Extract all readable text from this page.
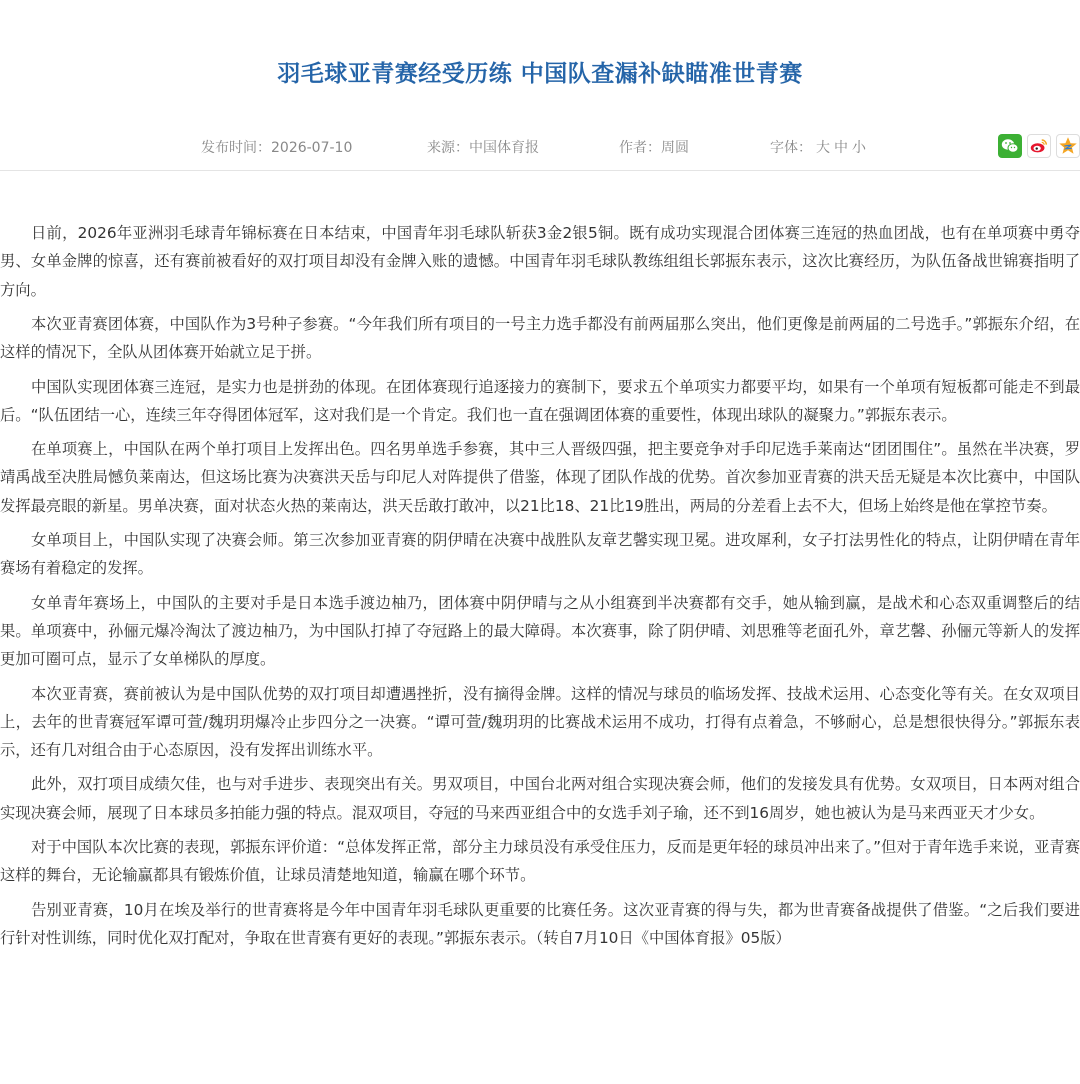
羽毛球亚青赛经受历练 中国队查漏补缺瞄准世青赛
发布时间：2026-07-10	来源：中国体育报	作者：周圆	字体： 大 中 小

日前，2026年亚洲羽毛球青年锦标赛在日本结束，中国青年羽毛球队斩获3金2银5铜。既有成功实现混合团体赛三连冠的热血团战，也有在单项赛中勇夺男、女单金牌的惊喜，还有赛前被看好的双打项目却没有金牌入账的遗憾。中国青年羽毛球队教练组组长郭振东表示，这次比赛经历，为队伍备战世锦赛指明了方向。

本次亚青赛团体赛，中国队作为3号种子参赛。“今年我们所有项目的一号主力选手都没有前两届那么突出，他们更像是前两届的二号选手。”郭振东介绍，在这样的情况下，全队从团体赛开始就立足于拼。

中国队实现团体赛三连冠，是实力也是拼劲的体现。在团体赛现行追逐接力的赛制下，要求五个单项实力都要平均，如果有一个单项有短板都可能走不到最后。“队伍团结一心，连续三年夺得团体冠军，这对我们是一个肯定。我们也一直在强调团体赛的重要性，体现出球队的凝聚力。”郭振东表示。

在单项赛上，中国队在两个单打项目上发挥出色。四名男单选手参赛，其中三人晋级四强，把主要竞争对手印尼选手莱南达“团团围住”。虽然在半决赛，罗靖禹战至决胜局憾负莱南达，但这场比赛为决赛洪天岳与印尼人对阵提供了借鉴，体现了团队作战的优势。首次参加亚青赛的洪天岳无疑是本次比赛中，中国队发挥最亮眼的新星。男单决赛，面对状态火热的莱南达，洪天岳敢打敢冲，以21比18、21比19胜出，两局的分差看上去不大，但场上始终是他在掌控节奏。

女单项目上，中国队实现了决赛会师。第三次参加亚青赛的阴伊晴在决赛中战胜队友章艺馨实现卫冕。进攻犀利，女子打法男性化的特点，让阴伊晴在青年赛场有着稳定的发挥。

女单青年赛场上，中国队的主要对手是日本选手渡边柚乃，团体赛中阴伊晴与之从小组赛到半决赛都有交手，她从输到赢，是战术和心态双重调整后的结果。单项赛中，孙俪元爆冷淘汰了渡边柚乃，为中国队打掉了夺冠路上的最大障碍。本次赛事，除了阴伊晴、刘思雅等老面孔外，章艺馨、孙俪元等新人的发挥更加可圈可点，显示了女单梯队的厚度。

本次亚青赛，赛前被认为是中国队优势的双打项目却遭遇挫折，没有摘得金牌。这样的情况与球员的临场发挥、技战术运用、心态变化等有关。在女双项目上，去年的世青赛冠军谭可萱/魏玥玥爆冷止步四分之一决赛。“谭可萱/魏玥玥的比赛战术运用不成功，打得有点着急，不够耐心，总是想很快得分。”郭振东表示，还有几对组合由于心态原因，没有发挥出训练水平。

此外，双打项目成绩欠佳，也与对手进步、表现突出有关。男双项目，中国台北两对组合实现决赛会师，他们的发接发具有优势。女双项目，日本两对组合实现决赛会师，展现了日本球员多拍能力强的特点。混双项目，夺冠的马来西亚组合中的女选手刘子瑜，还不到16周岁，她也被认为是马来西亚天才少女。

对于中国队本次比赛的表现，郭振东评价道：“总体发挥正常，部分主力球员没有承受住压力，反而是更年轻的球员冲出来了。”但对于青年选手来说，亚青赛这样的舞台，无论输赢都具有锻炼价值，让球员清楚地知道，输赢在哪个环节。

告别亚青赛，10月在埃及举行的世青赛将是今年中国青年羽毛球队更重要的比赛任务。这次亚青赛的得与失，都为世青赛备战提供了借鉴。“之后我们要进行针对性训练，同时优化双打配对，争取在世青赛有更好的表现。”郭振东表示。（转自7月10日《中国体育报》05版）
